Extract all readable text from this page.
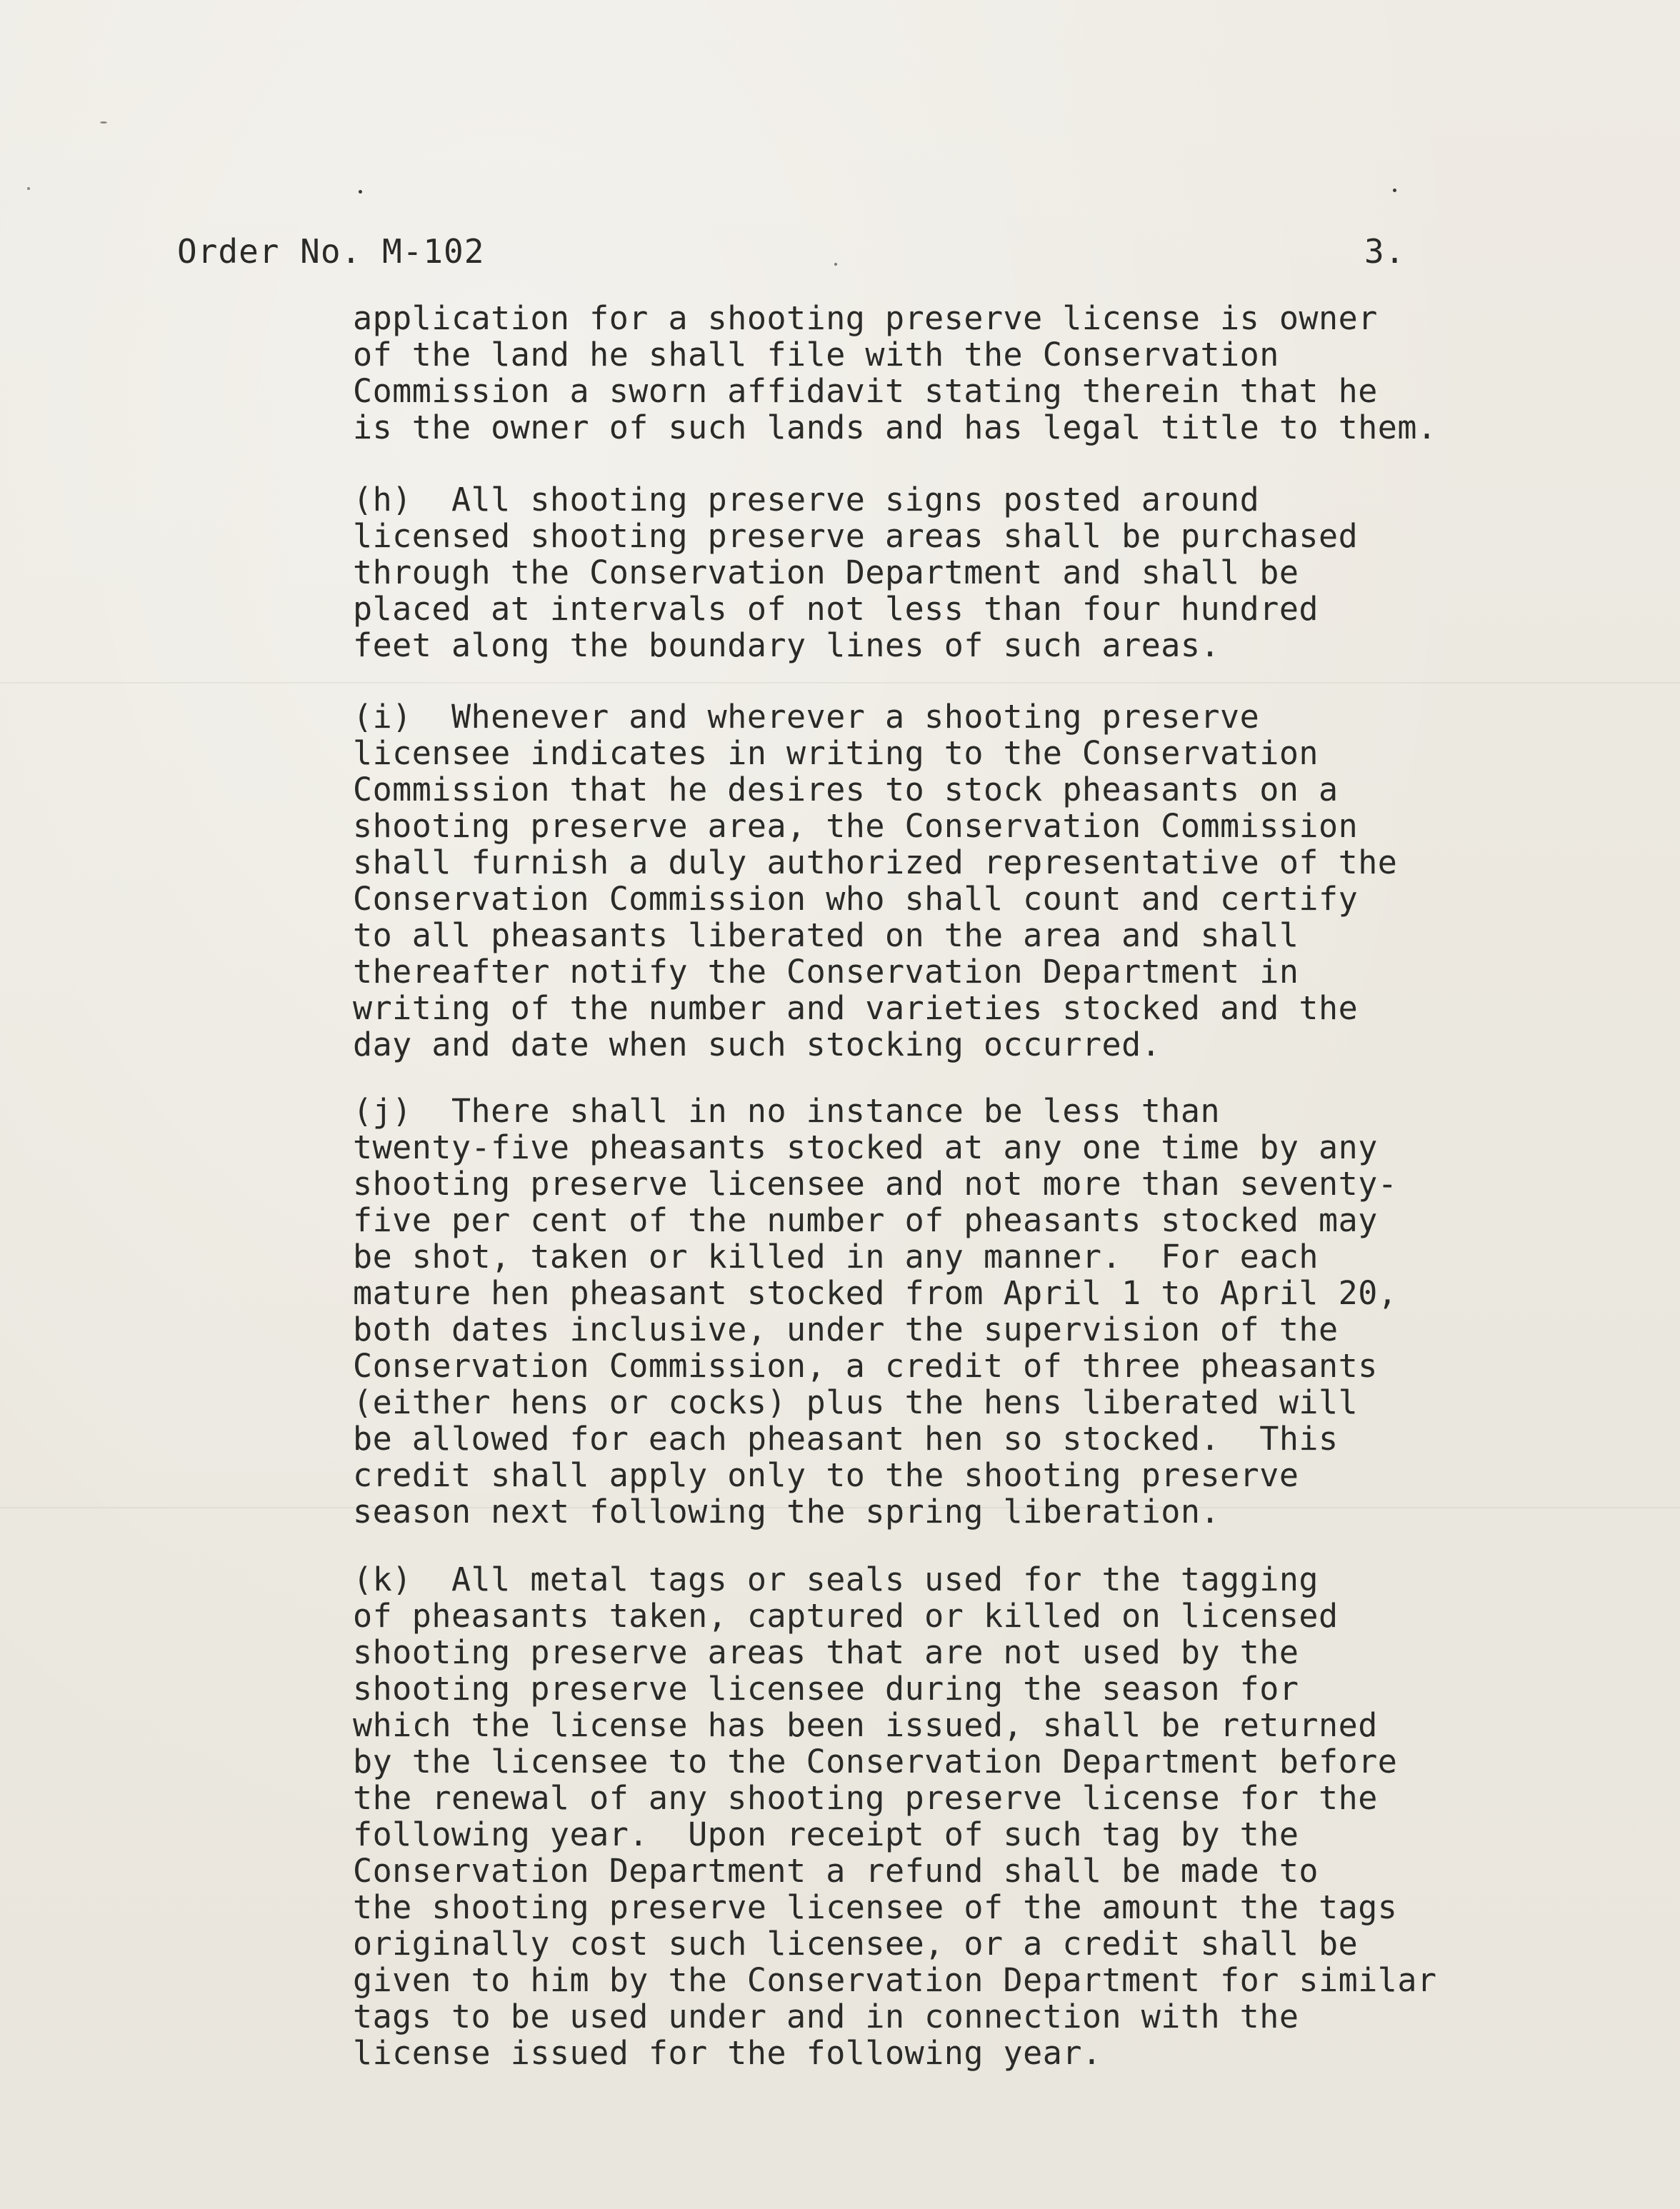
Order No. M-102	3.
application for a shooting preserve license is owner
of the land he shall file with the Conservation
Commission a sworn affidavit stating therein that he
is the owner of such lands and has legal title to them.
(h)  All shooting preserve signs posted around
licensed shooting preserve areas shall be purchased
through the Conservation Department and shall be
placed at intervals of not less than four hundred
feet along the boundary lines of such areas.
(i)  Whenever and wherever a shooting preserve
licensee indicates in writing to the Conservation
Commission that he desires to stock pheasants on a
shooting preserve area, the Conservation Commission
shall furnish a duly authorized representative of the
Conservation Commission who shall count and certify
to all pheasants liberated on the area and shall
thereafter notify the Conservation Department in
writing of the number and varieties stocked and the
day and date when such stocking occurred.
(j)  There shall in no instance be less than
twenty-five pheasants stocked at any one time by any
shooting preserve licensee and not more than seventy-
five per cent of the number of pheasants stocked may
be shot, taken or killed in any manner.  For each
mature hen pheasant stocked from April 1 to April 20,
both dates inclusive, under the supervision of the
Conservation Commission, a credit of three pheasants
(either hens or cocks) plus the hens liberated will
be allowed for each pheasant hen so stocked.  This
credit shall apply only to the shooting preserve
season next following the spring liberation.
(k)  All metal tags or seals used for the tagging
of pheasants taken, captured or killed on licensed
shooting preserve areas that are not used by the
shooting preserve licensee during the season for
which the license has been issued, shall be returned
by the licensee to the Conservation Department before
the renewal of any shooting preserve license for the
following year.  Upon receipt of such tag by the
Conservation Department a refund shall be made to
the shooting preserve licensee of the amount the tags
originally cost such licensee, or a credit shall be
given to him by the Conservation Department for similar
tags to be used under and in connection with the
license issued for the following year.
